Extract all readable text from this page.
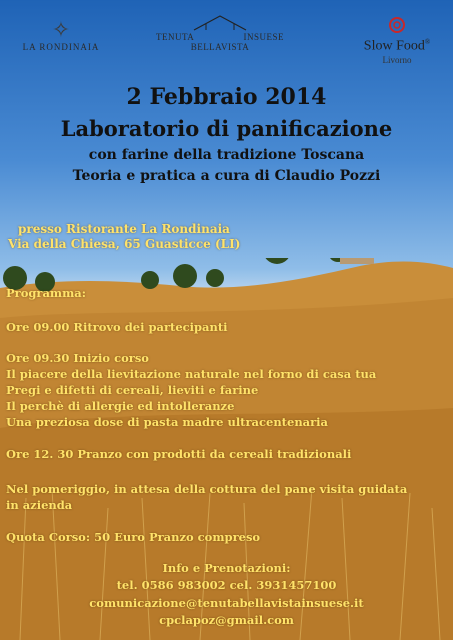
✧
LA RONDINAIA
TENUTA	INSUESE
BELLAVISTA	Slow Food®
Livorno
2 Febbraio 2014
Laboratorio di panificazione
con farine della tradizione Toscana
Teoria e pratica a cura di Claudio Pozzi
presso Ristorante La Rondinaia
Via della Chiesa, 65 Guasticce (LI)
Programma:
Ore 09.00 Ritrovo dei partecipanti
Ore 09.30 Inizio corso
Il piacere della lievitazione naturale nel forno di casa tua
Pregi e difetti di cereali, lieviti e farine
Il perchè di allergie ed intolleranze
Una preziosa dose di pasta madre ultracentenaria
Ore 12. 30 Pranzo con prodotti da cereali tradizionali
Nel pomeriggio, in attesa della cottura del pane visita guidata
in azienda
Quota Corso: 50 Euro Pranzo compreso
Info e Prenotazioni:
tel. 0586 983002 cel. 3931457100
comunicazione@tenutabellavistainsuese.it
cpclapoz@gmail.com
